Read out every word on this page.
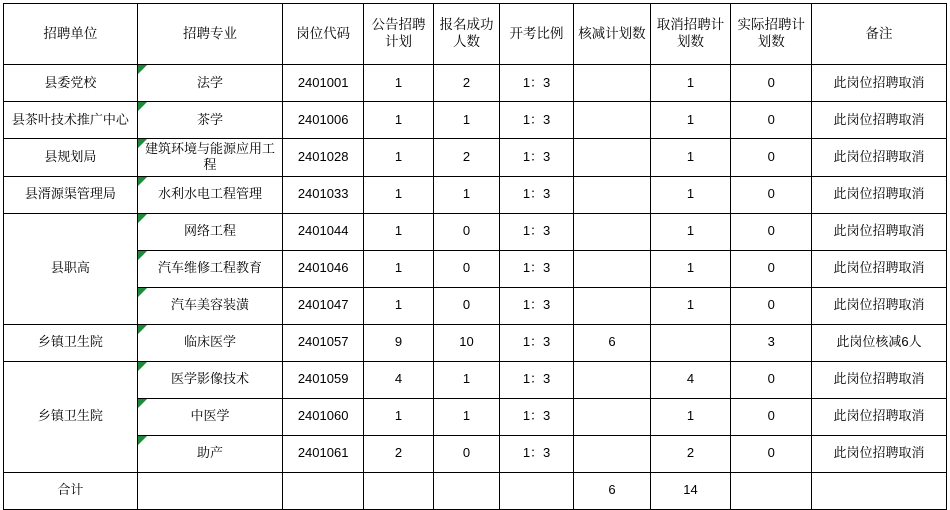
招聘单位	招聘专业	岗位代码	公告招聘计划	报名成功人数	开考比例	核减计划数	取消招聘计划数	实际招聘计划数	备注
县委党校	法学	2401001	1	2	1：3		1	0	此岗位招聘取消
县茶叶技术推广中心	茶学	2401006	1	1	1：3		1	0	此岗位招聘取消
县规划局	建筑环境与能源应用工程	2401028	1	2	1：3		1	0	此岗位招聘取消
县湑源渠管理局	水利水电工程管理	2401033	1	1	1：3		1	0	此岗位招聘取消
县职高	网络工程	2401044	1	0	1：3		1	0	此岗位招聘取消
	汽车维修工程教育	2401046	1	0	1：3		1	0	此岗位招聘取消
	汽车美容装潢	2401047	1	0	1：3		1	0	此岗位招聘取消
乡镇卫生院	临床医学	2401057	9	10	1：3	6		3	此岗位核减6人
乡镇卫生院	医学影像技术	2401059	4	1	1：3		4	0	此岗位招聘取消
	中医学	2401060	1	1	1：3		1	0	此岗位招聘取消
	助产	2401061	2	0	1：3		2	0	此岗位招聘取消
合计						6	14		
